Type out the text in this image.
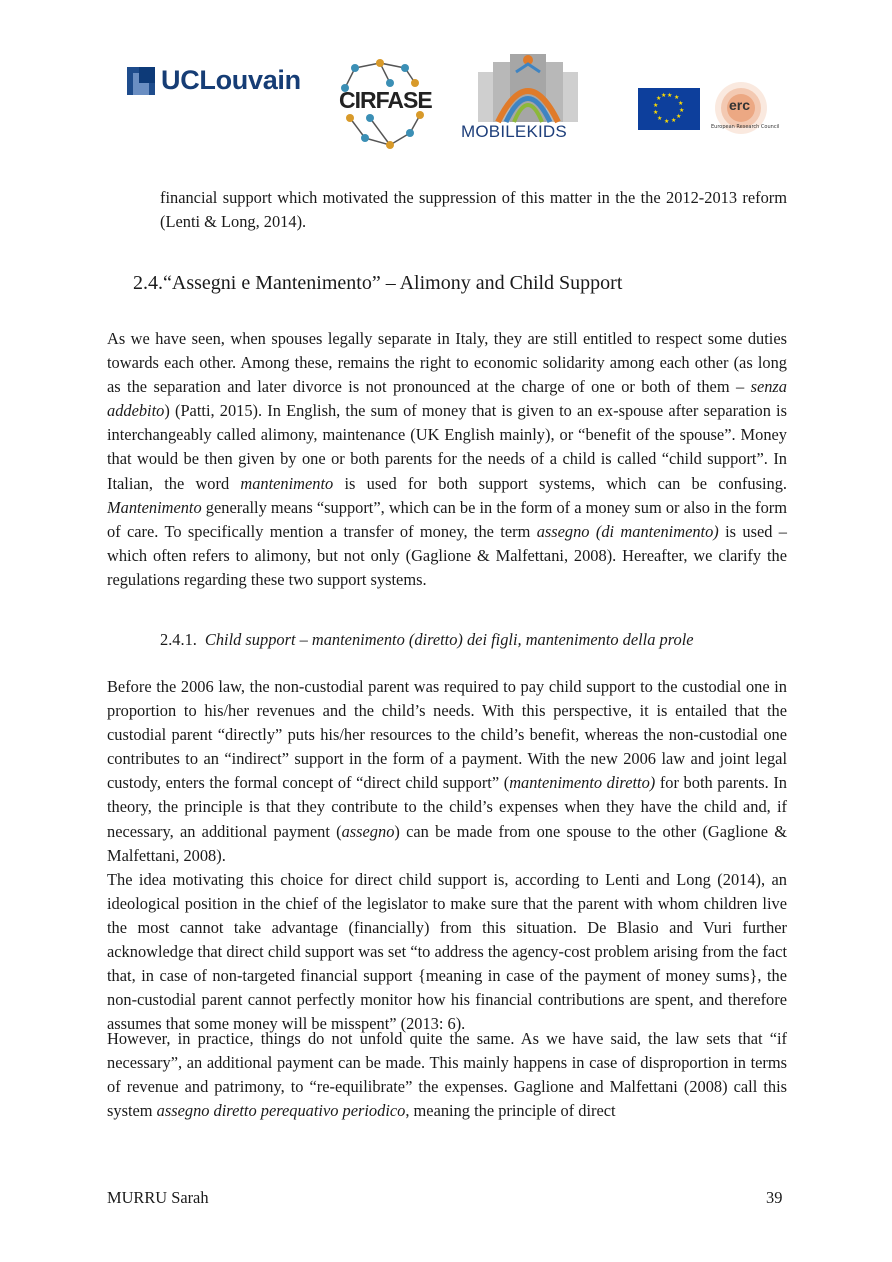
UCLouvain
CIRFASE
MOBILEKIDS
★ ★
★
★
★
★
★
★
★
★
★ ★
erc
European Research Council
financial support which motivated the suppression of this matter in the the 2012-2013 reform (Lenti & Long, 2014).
2.4.“Assegni e Mantenimento” – Alimony and Child Support

As we have seen, when spouses legally separate in Italy, they are still entitled to respect some duties towards each other. Among these, remains the right to economic solidarity among each other (as long as the separation and later divorce is not pronounced at the charge of one or both of them – senza addebito) (Patti, 2015). In English, the sum of money that is given to an ex-spouse after separation is interchangeably called alimony, maintenance (UK English mainly), or “benefit of the spouse”. Money that would be then given by one or both parents for the needs of a child is called “child support”. In Italian, the word mantenimento is used for both support systems, which can be confusing. Mantenimento generally means “support”, which can be in the form of a money sum or also in the form of care. To specifically mention a transfer of money, the term assegno (di mantenimento) is used – which often refers to alimony, but not only (Gaglione & Malfettani, 2008). Hereafter, we clarify the regulations regarding these two support systems.

2.4.1. Child support – mantenimento (diretto) dei figli, mantenimento della prole

Before the 2006 law, the non-custodial parent was required to pay child support to the custodial one in proportion to his/her revenues and the child’s needs. With this perspective, it is entailed that the custodial parent “directly” puts his/her resources to the child’s benefit, whereas the non-custodial one contributes to an “indirect” support in the form of a payment. With the new 2006 law and joint legal custody, enters the formal concept of “direct child support” (mantenimento diretto) for both parents. In theory, the principle is that they contribute to the child’s expenses when they have the child and, if necessary, an additional payment (assegno) can be made from one spouse to the other (Gaglione & Malfettani, 2008).

The idea motivating this choice for direct child support is, according to Lenti and Long (2014), an ideological position in the chief of the legislator to make sure that the parent with whom children live the most cannot take advantage (financially) from this situation. De Blasio and Vuri further acknowledge that direct child support was set “to address the agency-cost problem arising from the fact that, in case of non-targeted financial support {meaning in case of the payment of money sums}, the non-custodial parent cannot perfectly monitor how his financial contributions are spent, and therefore assumes that some money will be misspent” (2013: 6).

However, in practice, things do not unfold quite the same. As we have said, the law sets that “if necessary”, an additional payment can be made. This mainly happens in case of disproportion in terms of revenue and patrimony, to “re-equilibrate” the expenses. Gaglione and Malfettani (2008) call this system assegno diretto perequativo periodico, meaning the principle of direct

MURRU Sarah	39
